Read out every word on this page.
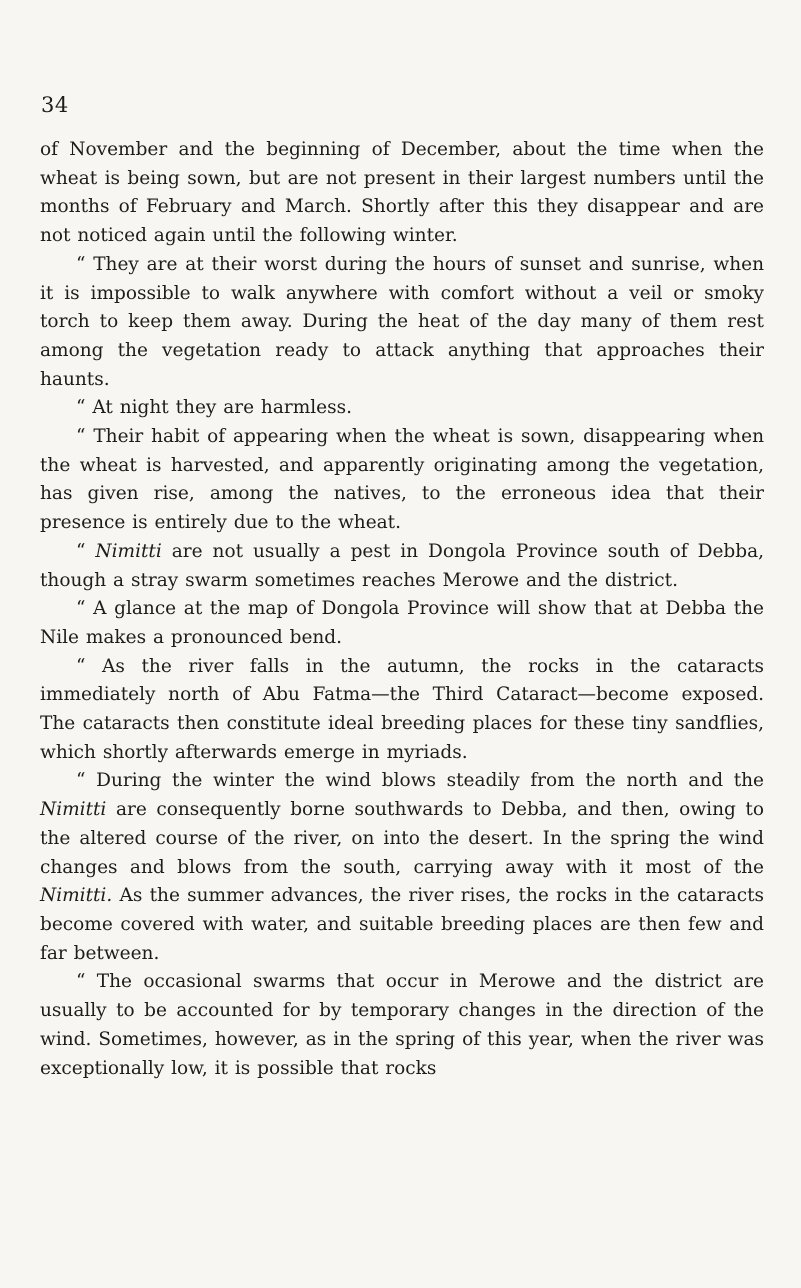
34

of November and the beginning of December, about the time when the wheat is being sown, but are not present in their largest numbers until the months of February and March. Shortly after this they disappear and are not noticed again until the following winter.

“ They are at their worst during the hours of sunset and sunrise, when it is impossible to walk anywhere with comfort without a veil or smoky torch to keep them away. During the heat of the day many of them rest among the vegetation ready to attack anything that approaches their haunts.

“ At night they are harmless.

“ Their habit of appearing when the wheat is sown, disappearing when the wheat is harvested, and apparently originating among the vegetation, has given rise, among the natives, to the erroneous idea that their presence is entirely due to the wheat.

“ Nimitti are not usually a pest in Dongola Province south of Debba, though a stray swarm sometimes reaches Merowe and the district.

“ A glance at the map of Dongola Province will show that at Debba the Nile makes a pronounced bend.

“ As the river falls in the autumn, the rocks in the cataracts immediately north of Abu Fatma—the Third Cataract—become exposed. The cataracts then constitute ideal breeding places for these tiny sandflies, which shortly afterwards emerge in myriads.

“ During the winter the wind blows steadily from the north and the Nimitti are consequently borne southwards to Debba, and then, owing to the altered course of the river, on into the desert. In the spring the wind changes and blows from the south, carrying away with it most of the Nimitti. As the summer advances, the river rises, the rocks in the cataracts become covered with water, and suitable breeding places are then few and far between.

“ The occasional swarms that occur in Merowe and the district are usually to be accounted for by temporary changes in the direction of the wind. Sometimes, however, as in the spring of this year, when the river was exceptionally low, it is possible that rocks
